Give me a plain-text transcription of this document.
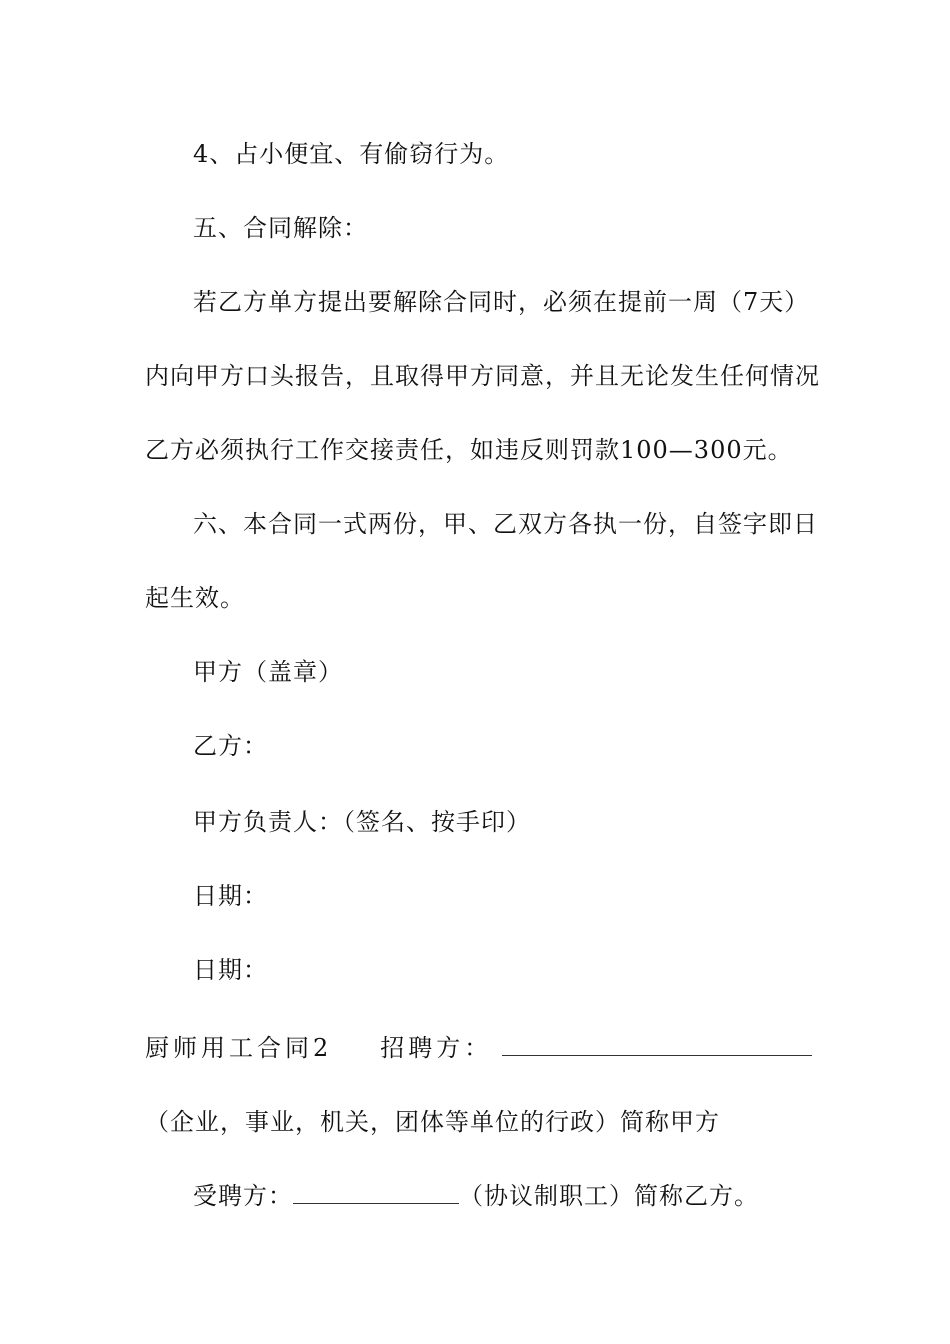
4、占小便宜、有偷窃行为。
五、合同解除：
若乙方单方提出要解除合同时，必须在提前一周（7天）
内向甲方口头报告，且取得甲方同意，并且无论发生任何情况
乙方必须执行工作交接责任，如违反则罚款100—300元。
六、本合同一式两份，甲、乙双方各执一份，自签字即日
起生效。
甲方（盖章）
乙方：
甲方负责人：（签名、按手印）
日期：
日期：
厨师用工合同2 招聘方：
（企业，事业，机关，团体等单位的行政）简称甲方
受聘方：	（协议制职工）简称乙方。
